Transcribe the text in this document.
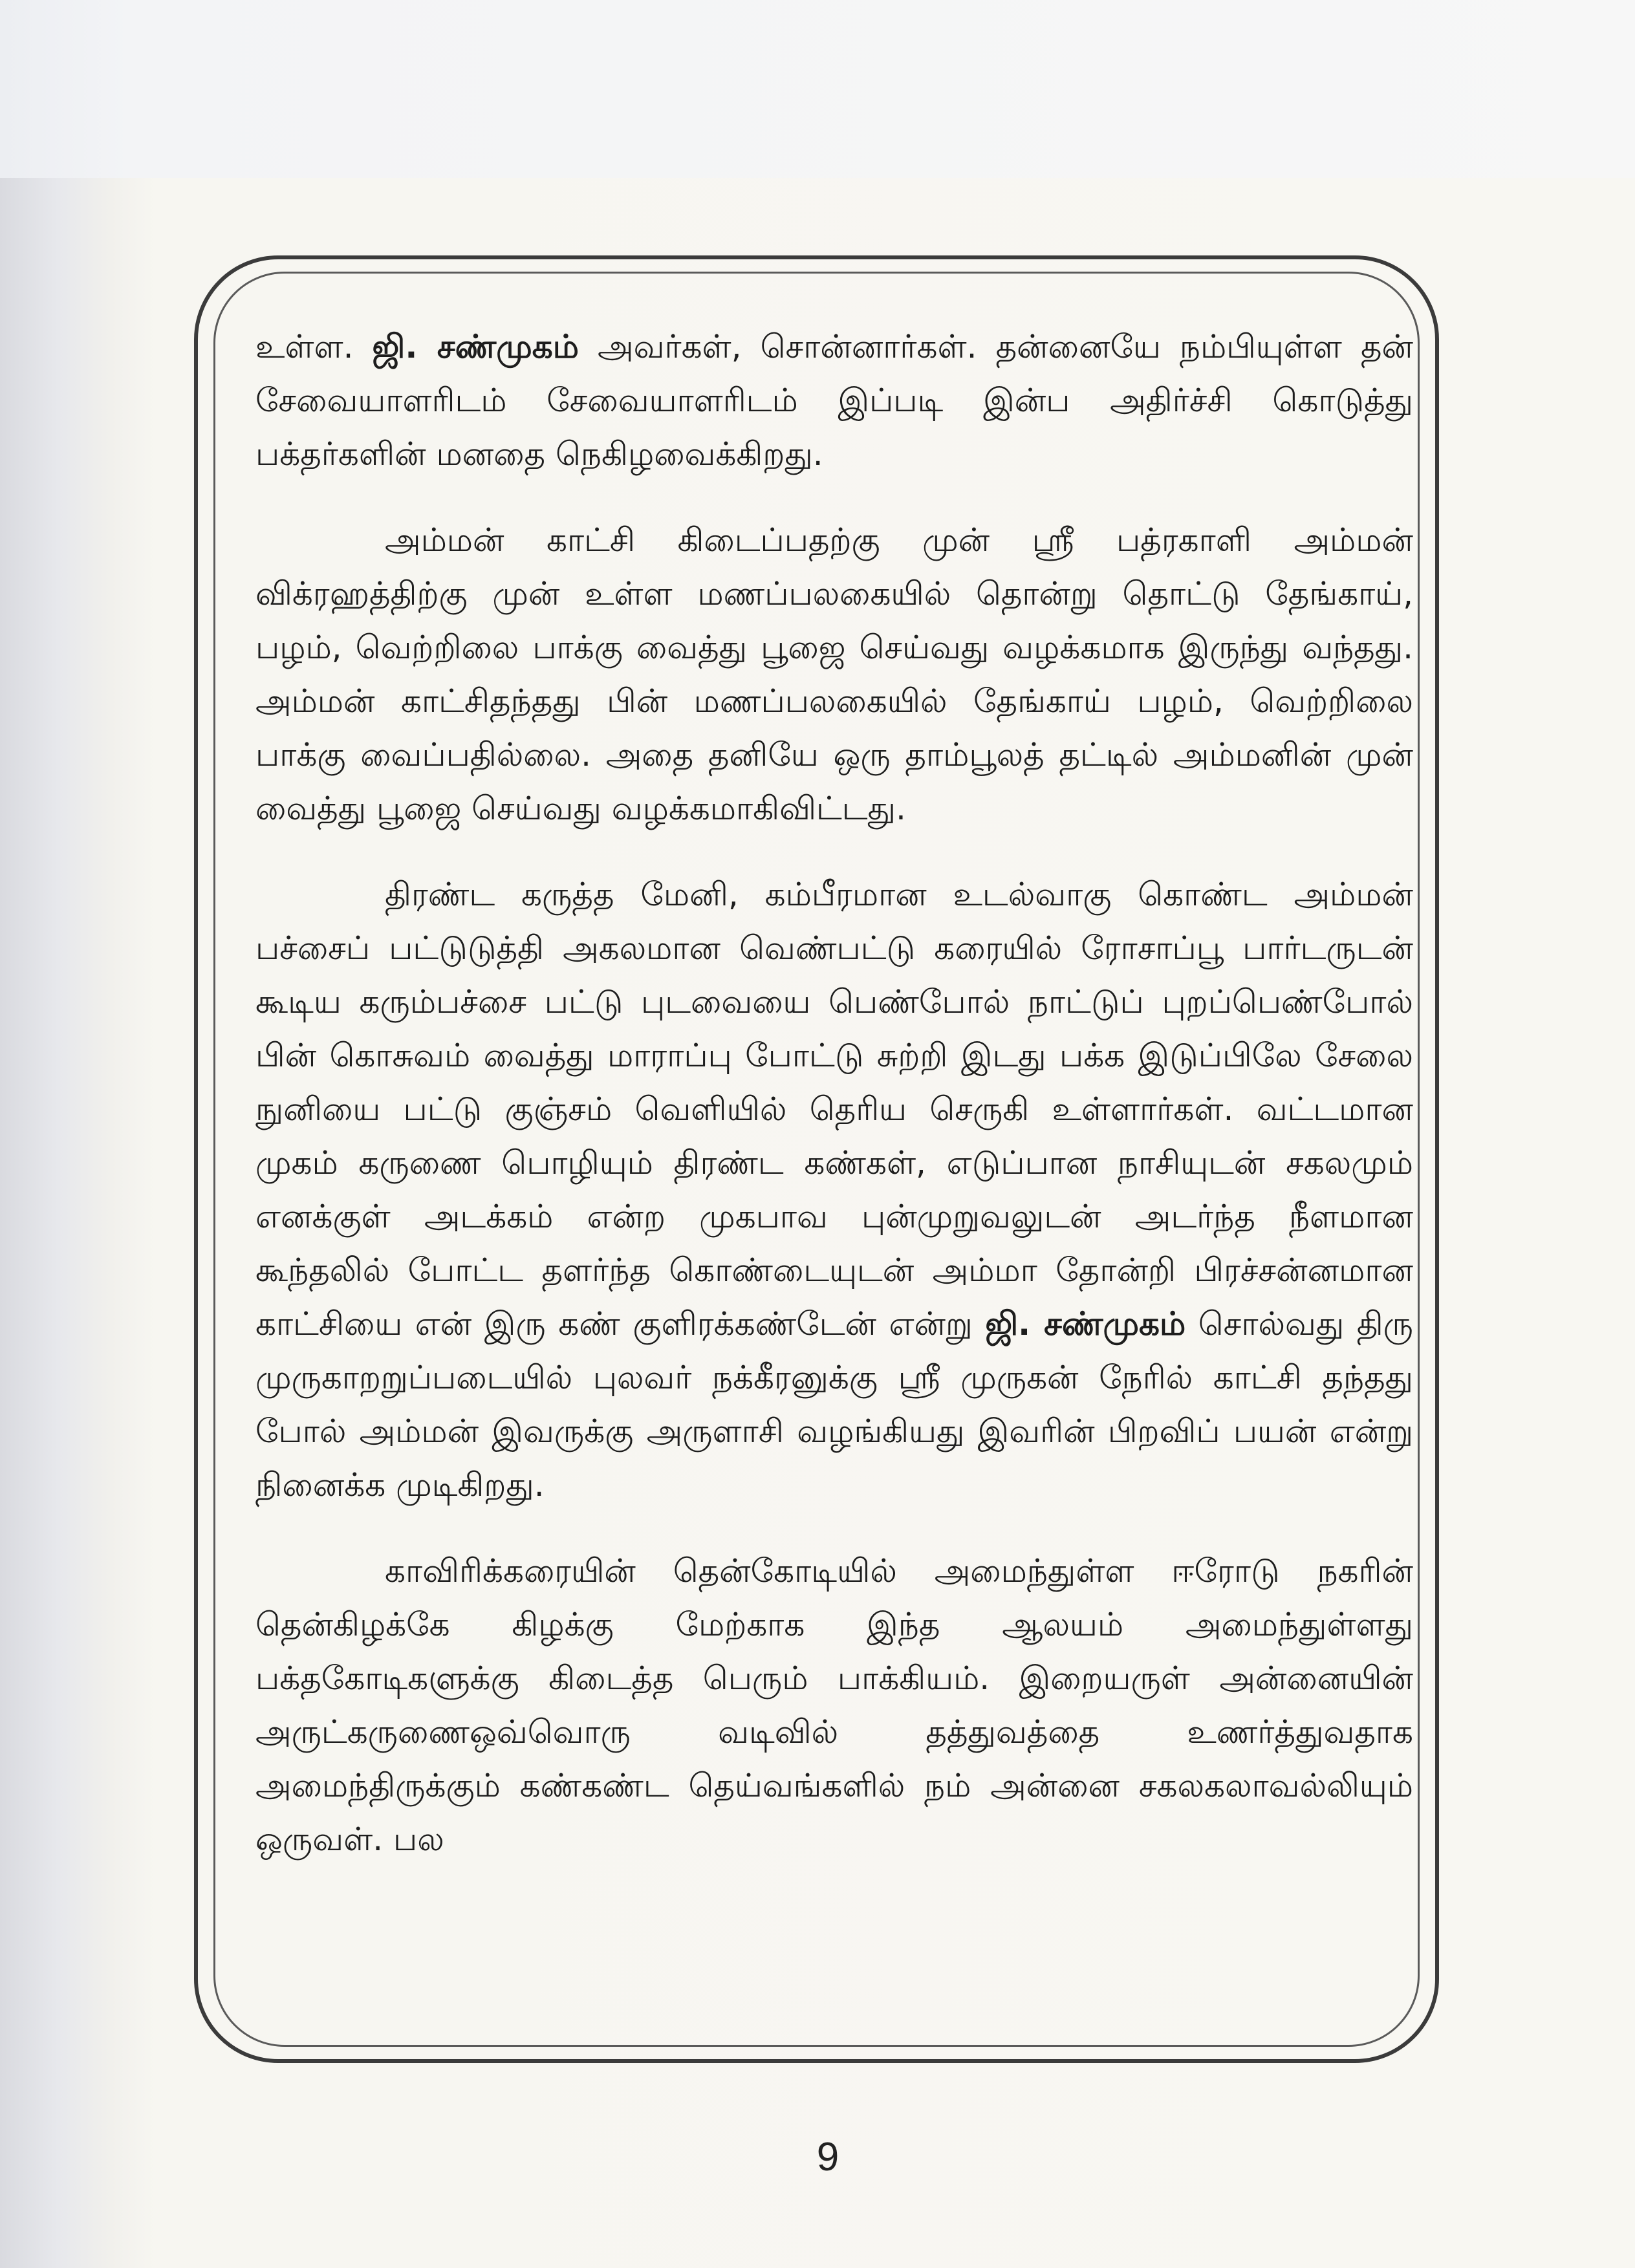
உள்ள. ஜி. சண்முகம் அவர்கள், சொன்னார்கள். தன்னையே நம்பியுள்ள தன் சேவையாளரிடம் சேவையாளரிடம் இப்படி இன்ப அதிர்ச்சி கொடுத்து பக்தர்களின் மனதை நெகிழவைக்கிறது.

அம்மன் காட்சி கிடைப்பதற்கு முன் ஸ்ரீ பத்ரகாளி அம்மன் விக்ரஹத்திற்கு முன் உள்ள மணப்பலகையில் தொன்று தொட்டு தேங்காய், பழம், வெற்றிலை பாக்கு வைத்து பூஜை செய்வது வழக்கமாக இருந்து வந்தது. அம்மன் காட்சிதந்தது பின் மணப்பலகையில் தேங்காய் பழம், வெற்றிலை பாக்கு வைப்பதில்லை. அதை தனியே ஒரு தாம்பூலத் தட்டில் அம்மனின் முன் வைத்து பூஜை செய்வது வழக்கமாகிவிட்டது.

திரண்ட கருத்த மேனி, கம்பீரமான உடல்வாகு கொண்ட அம்மன் பச்சைப் பட்டுடுத்தி அகலமான வெண்பட்டு கரையில் ரோசாப்பூ பார்டருடன் கூடிய கரும்பச்சை பட்டு புடவையை பெண்போல் நாட்டுப் புறப்பெண்போல் பின் கொசுவம் வைத்து மாராப்பு போட்டு சுற்றி இடது பக்க இடுப்பிலே சேலை நுனியை பட்டு குஞ்சம் வெளியில் தெரிய செருகி உள்ளார்கள். வட்டமான முகம் கருணை பொழியும் திரண்ட கண்கள், எடுப்பான நாசியுடன் சகலமும் எனக்குள் அடக்கம் என்ற முகபாவ புன்முறுவலுடன் அடர்ந்த நீளமான கூந்தலில் போட்ட தளர்ந்த கொண்டையுடன் அம்மா தோன்றி பிரச்சன்னமான காட்சியை என் இரு கண் குளிரக்கண்டேன் என்று ஜி. சண்முகம் சொல்வது திரு முருகாறறுப்படையில் புலவர் நக்கீரனுக்கு ஸ்ரீ முருகன் நேரில் காட்சி தந்தது போல் அம்மன் இவருக்கு அருளாசி வழங்கியது இவரின் பிறவிப் பயன் என்று நினைக்க முடிகிறது.

காவிரிக்கரையின் தென்கோடியில் அமைந்துள்ள ஈரோடு நகரின் தென்கிழக்கே கிழக்கு மேற்காக இந்த ஆலயம் அமைந்துள்ளது பக்தகோடிகளுக்கு கிடைத்த பெரும் பாக்கியம். இறையருள் அன்னையின் அருட்கருணைஒவ்வொரு வடிவில் தத்துவத்தை உணர்த்துவதாக அமைந்திருக்கும் கண்கண்ட தெய்வங்களில் நம் அன்னை சகலகலாவல்லியும் ஒருவள். பல

9
